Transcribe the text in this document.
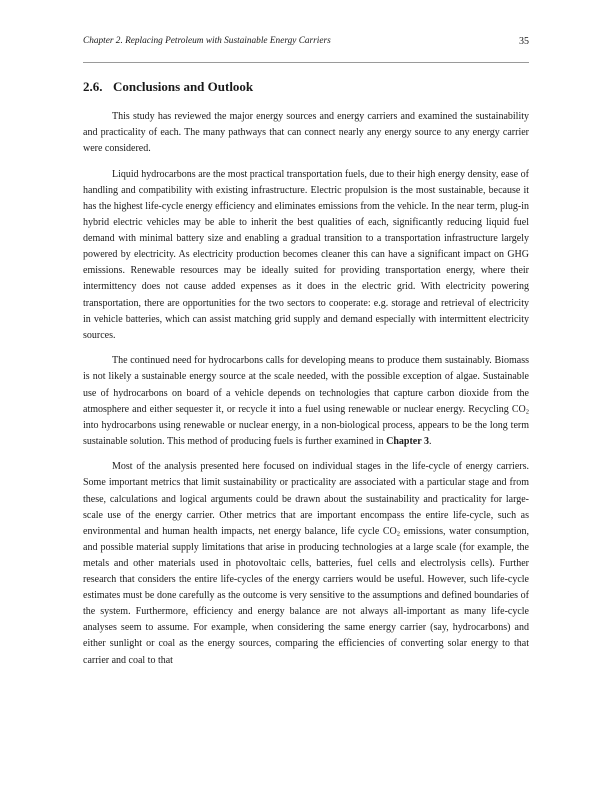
Chapter 2. Replacing Petroleum with Sustainable Energy Carriers	35
2.6. Conclusions and Outlook

This study has reviewed the major energy sources and energy carriers and examined the sustainability and practicality of each. The many pathways that can connect nearly any energy source to any energy carrier were considered.

Liquid hydrocarbons are the most practical transportation fuels, due to their high energy density, ease of handling and compatibility with existing infrastructure. Electric propulsion is the most sustainable, because it has the highest life-cycle energy efficiency and eliminates emissions from the vehicle. In the near term, plug-in hybrid electric vehicles may be able to inherit the best qualities of each, significantly reducing liquid fuel demand with minimal battery size and enabling a gradual transition to a transportation infrastructure largely powered by electricity. As electricity production becomes cleaner this can have a significant impact on GHG emissions. Renewable resources may be ideally suited for providing transportation energy, where their intermittency does not cause added expenses as it does in the electric grid. With electricity powering transportation, there are opportunities for the two sectors to cooperate: e.g. storage and retrieval of electricity in vehicle batteries, which can assist matching grid supply and demand especially with intermittent electricity sources.

The continued need for hydrocarbons calls for developing means to produce them sustainably. Biomass is not likely a sustainable energy source at the scale needed, with the possible exception of algae. Sustainable use of hydrocarbons on board of a vehicle depends on technologies that capture carbon dioxide from the atmosphere and either sequester it, or recycle it into a fuel using renewable or nuclear energy. Recycling $CO_2$ into hydrocarbons using renewable or nuclear energy, in a non-biological process, appears to be the long term sustainable solution. This method of producing fuels is further examined in Chapter 3.

Most of the analysis presented here focused on individual stages in the life-cycle of energy carriers. Some important metrics that limit sustainability or practicality are associated with a particular stage and from these, calculations and logical arguments could be drawn about the sustainability and practicality for large-scale use of the energy carrier. Other metrics that are important encompass the entire life-cycle, such as environmental and human health impacts, net energy balance, life cycle $CO_2$ emissions, water consumption, and possible material supply limitations that arise in producing technologies at a large scale (for example, the metals and other materials used in photovoltaic cells, batteries, fuel cells and electrolysis cells). Further research that considers the entire life-cycles of the energy carriers would be useful. However, such life-cycle estimates must be done carefully as the outcome is very sensitive to the assumptions and defined boundaries of the system. Furthermore, efficiency and energy balance are not always all-important as many life-cycle analyses seem to assume. For example, when considering the same energy carrier (say, hydrocarbons) and either sunlight or coal as the energy sources, comparing the efficiencies of converting solar energy to that carrier and coal to that
